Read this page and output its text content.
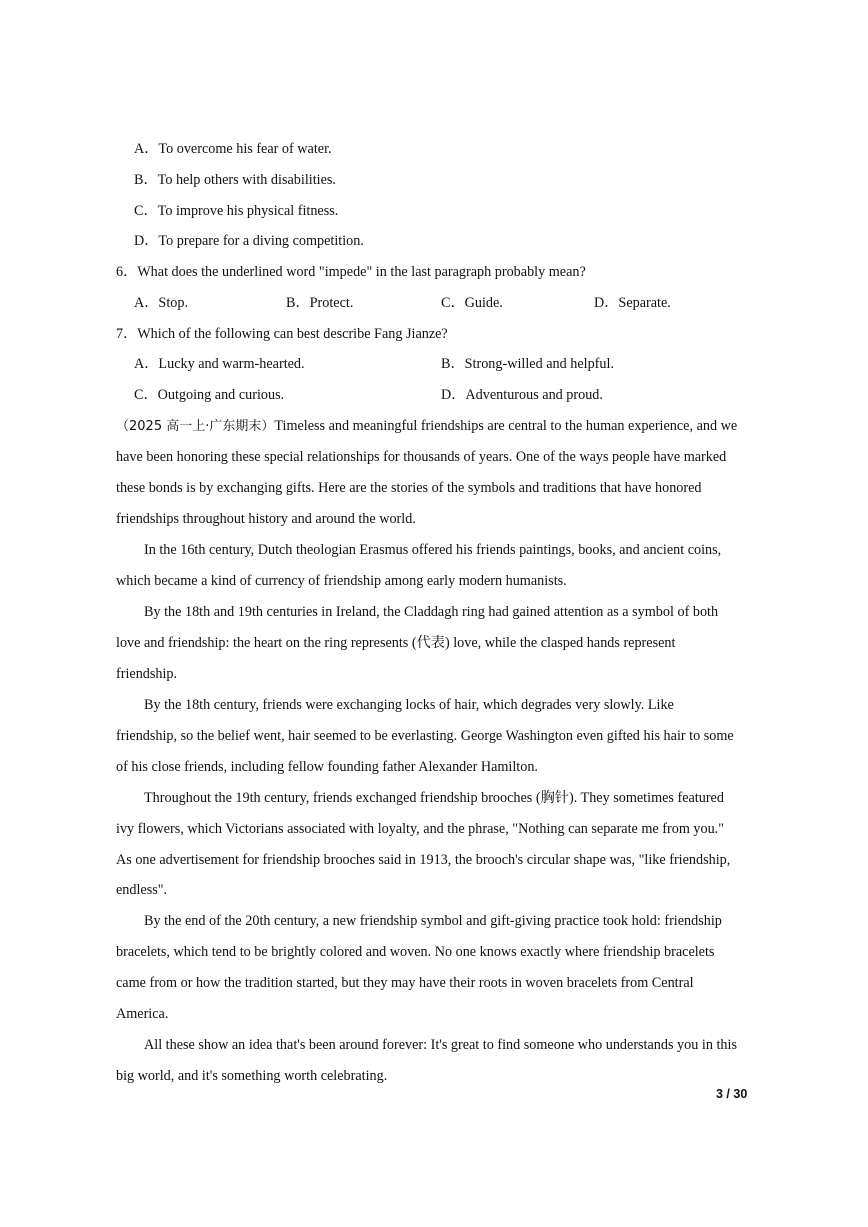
A．To overcome his fear of water.
B．To help others with disabilities.
C．To improve his physical fitness.
D．To prepare for a diving competition.
6．What does the underlined word "impede" in the last paragraph probably mean?
A．Stop.	B．Protect.	C．Guide.	D．Separate.
7．Which of the following can best describe Fang Jianze?
A．Lucky and warm-hearted.	B．Strong-willed and helpful.
C．Outgoing and curious.	D．Adventurous and proud.
（2025 高一上·广东期末）Timeless and meaningful friendships are central to the human experience, and we
have been honoring these special relationships for thousands of years. One of the ways people have marked
these bonds is by exchanging gifts. Here are the stories of the symbols and traditions that have honored
friendships throughout history and around the world.
In the 16th century, Dutch theologian Erasmus offered his friends paintings, books, and ancient coins,
which became a kind of currency of friendship among early modern humanists.
By the 18th and 19th centuries in Ireland, the Claddagh ring had gained attention as a symbol of both
love and friendship: the heart on the ring represents (代表) love, while the clasped hands represent
friendship.
By the 18th century, friends were exchanging locks of hair, which degrades very slowly. Like
friendship, so the belief went, hair seemed to be everlasting. George Washington even gifted his hair to some
of his close friends, including fellow founding father Alexander Hamilton.
Throughout the 19th century, friends exchanged friendship brooches (胸针). They sometimes featured
ivy flowers, which Victorians associated with loyalty, and the phrase, "Nothing can separate me from you."
As one advertisement for friendship brooches said in 1913, the brooch's circular shape was, "like friendship,
endless".
By the end of the 20th century, a new friendship symbol and gift-giving practice took hold: friendship
bracelets, which tend to be brightly colored and woven. No one knows exactly where friendship bracelets
came from or how the tradition started, but they may have their roots in woven bracelets from Central
America.
All these show an idea that's been around forever: It's great to find someone who understands you in this
big world, and it's something worth celebrating.
3 / 30
